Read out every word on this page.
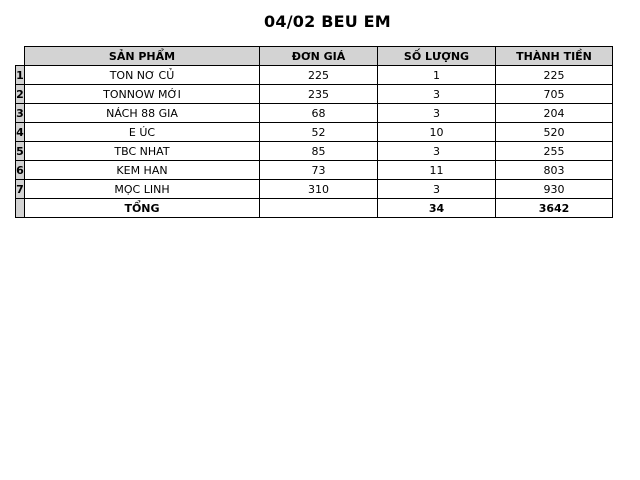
04/02 BEU EM
	SẢN PHẨM	ĐƠN GIÁ	SỐ LƯỢNG	THÀNH TIỀN
1	TON NƠ CỦ	225	1	225
2	TONNOW MỚI	235	3	705
3	NÁCH 88 GIA	68	3	204
4	E ÚC	52	10	520
5	TBC NHAT	85	3	255
6	KEM HAN	73	11	803
7	MỌC LINH	310	3	930
	TỔNG		34	3642
